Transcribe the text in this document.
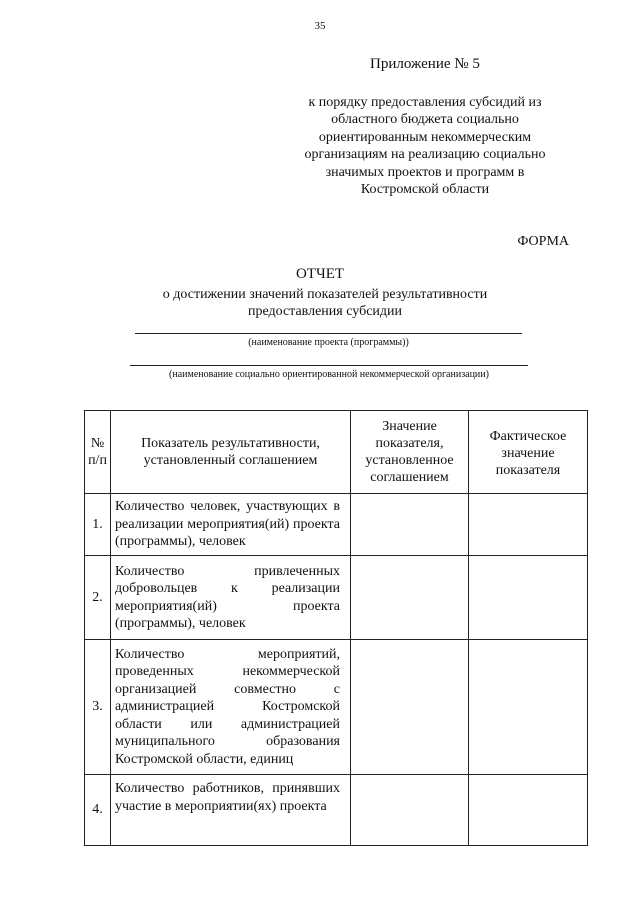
35
Приложение № 5
к порядку предоставления субсидий из областного бюджета социально ориентированным некоммерческим организациям на реализацию социально значимых проектов и программ в Костромской области
ФОРМА
ОТЧЕТ
о достижении значений показателей результативности предоставления субсидии
(наименование проекта (программы))
(наименование социально ориентированной некоммерческой организации)
№ п/п	Показатель результативности, установленный соглашением	Значение показателя, установленное соглашением	Фактическое значение показателя

1.	Количество человек, участвующих в реализации мероприятия(ий) проекта (программы), человек		

2.	Количество привлеченных добровольцев к реализации мероприятия(ий) проекта (программы), человек		

3.	Количество мероприятий, проведенных некоммерческой организацией совместно с администрацией Костромской области или администрацией муниципального образования Костромской области, единиц		

4.	Количество работников, принявших участие в мероприятии(ях) проекта		
